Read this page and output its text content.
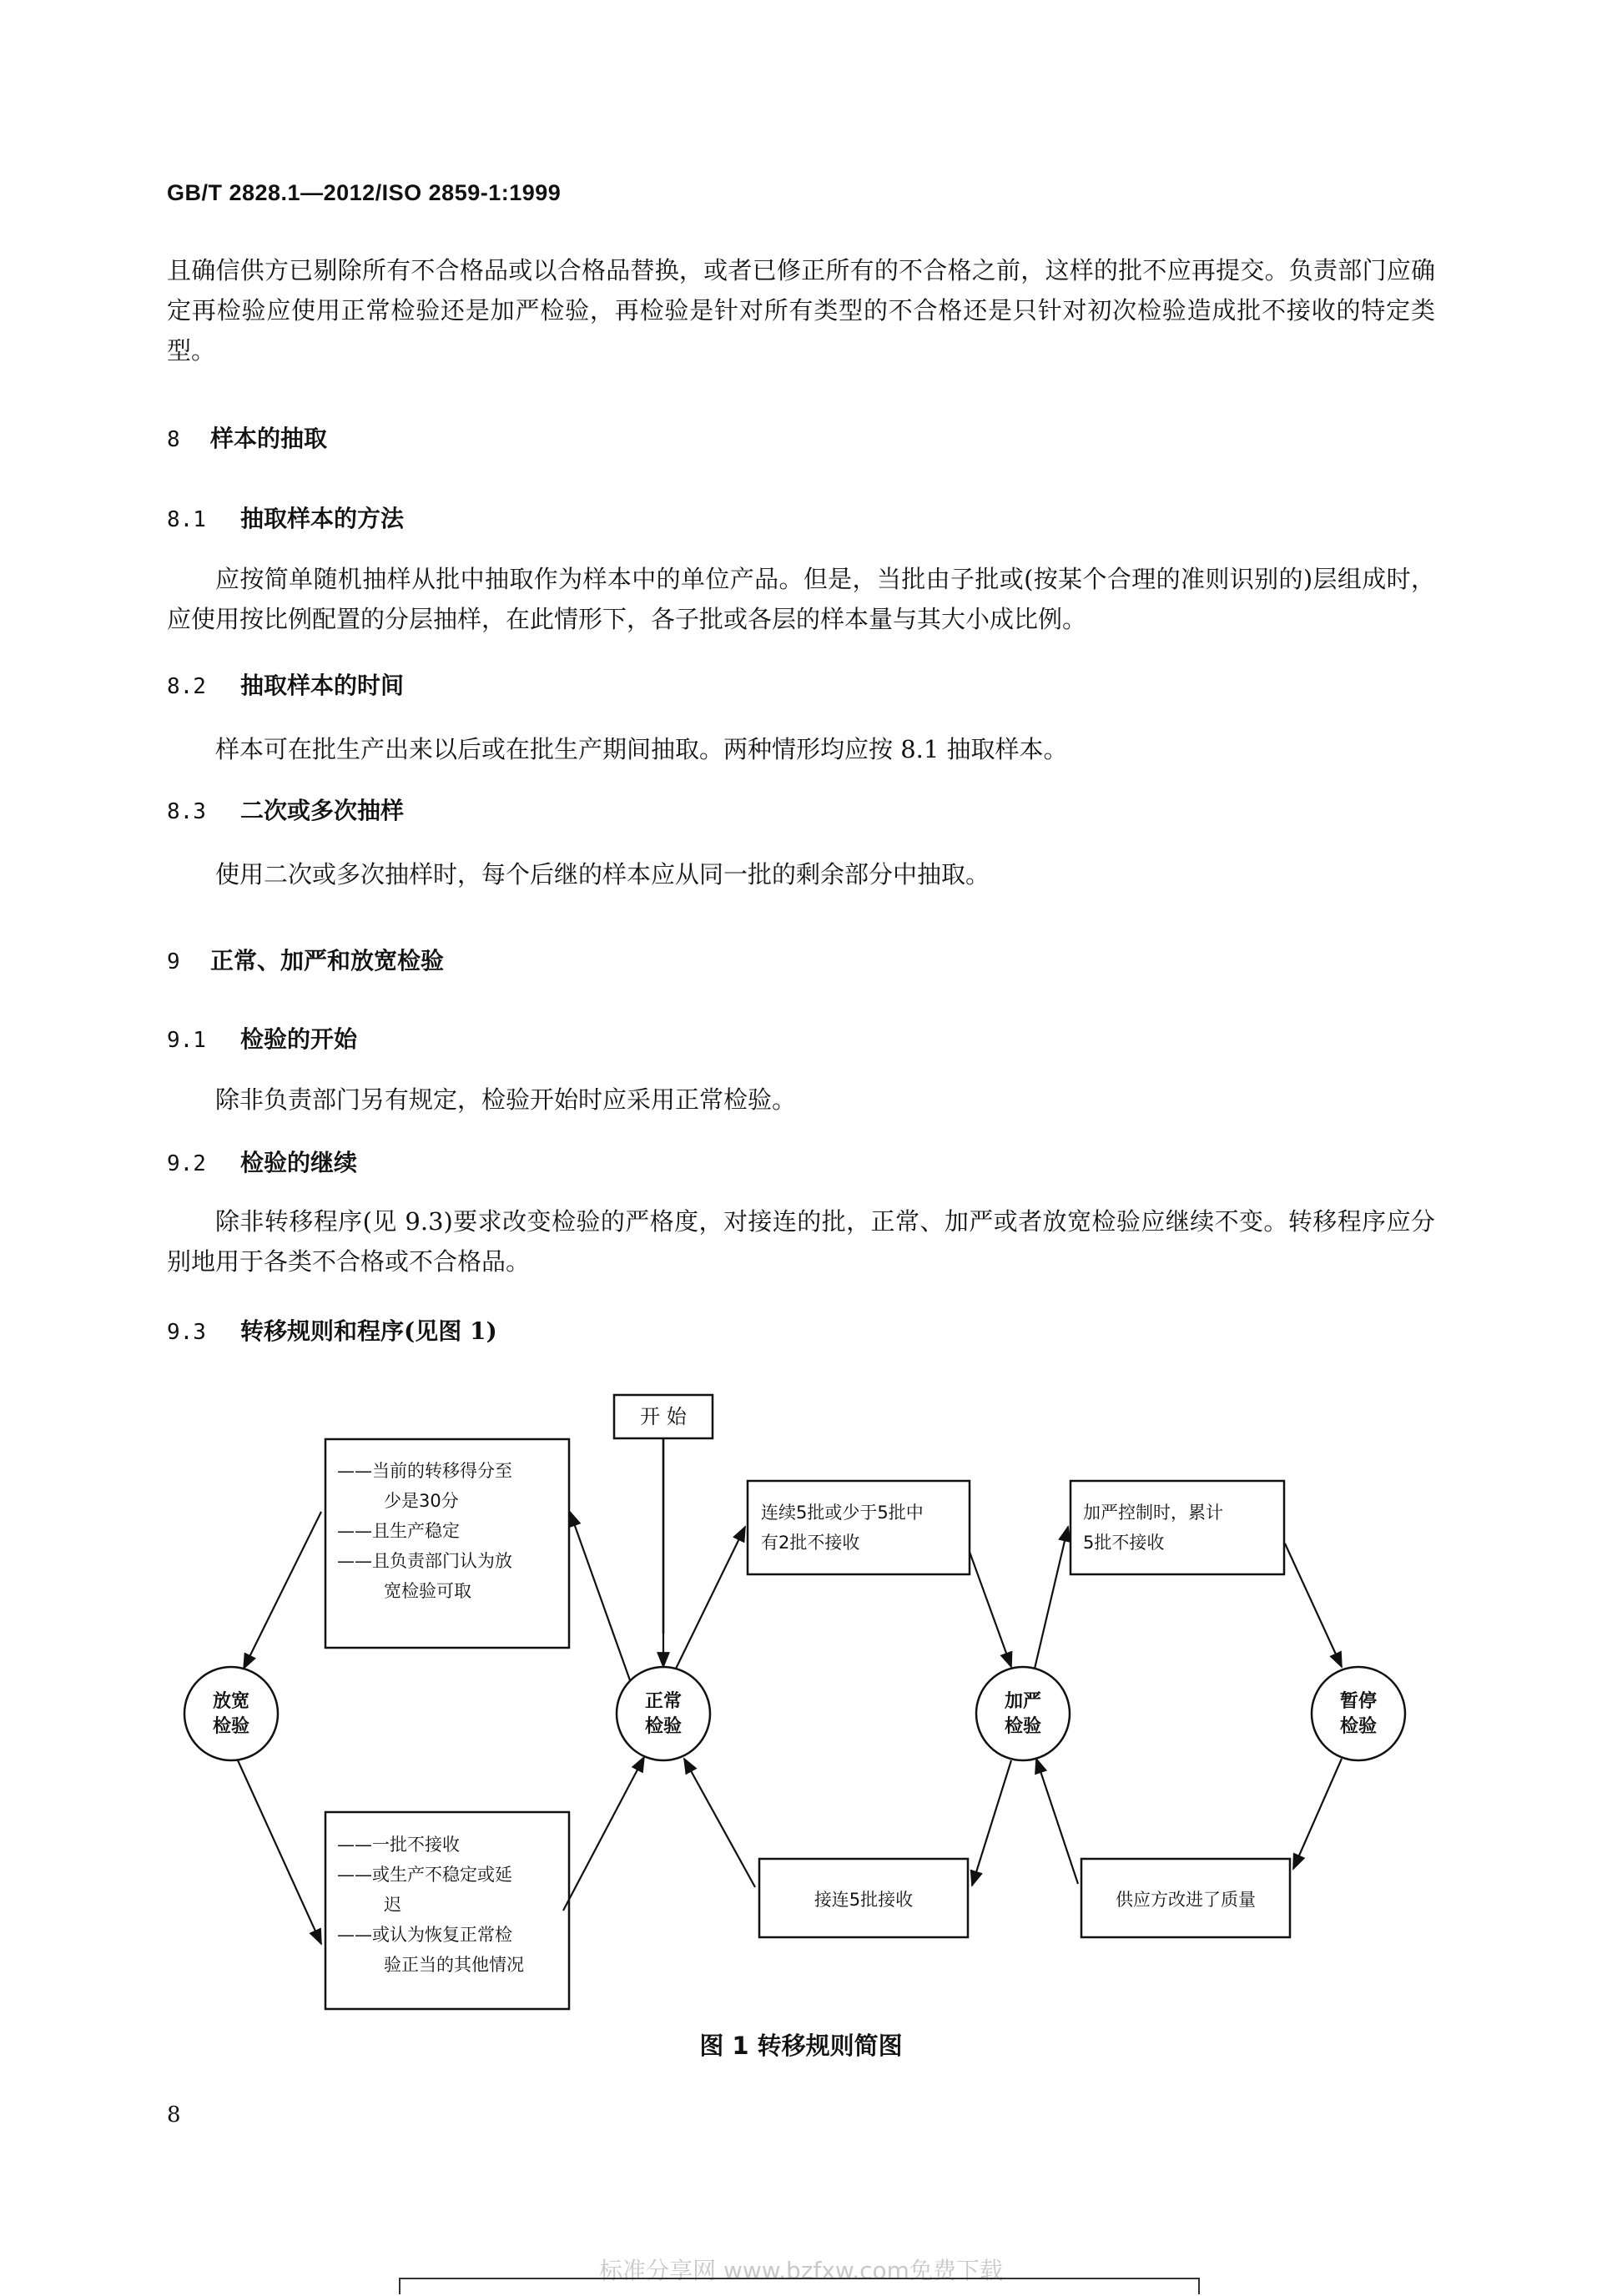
GB/T 2828.1—2012/ISO 2859-1:1999
且确信供方已剔除所有不合格品或以合格品替换，或者已修正所有的不合格之前，这样的批不应再提交。负责部门应确定再检验应使用正常检验还是加严检验，再检验是针对所有类型的不合格还是只针对初次检验造成批不接收的特定类型。
8 样本的抽取
8.1 抽取样本的方法
应按简单随机抽样从批中抽取作为样本中的单位产品。但是，当批由子批或(按某个合理的准则识别的)层组成时，应使用按比例配置的分层抽样，在此情形下，各子批或各层的样本量与其大小成比例。
8.2 抽取样本的时间
样本可在批生产出来以后或在批生产期间抽取。两种情形均应按 8.1 抽取样本。
8.3 二次或多次抽样
使用二次或多次抽样时，每个后继的样本应从同一批的剩余部分中抽取。
9 正常、加严和放宽检验
9.1 检验的开始
除非负责部门另有规定，检验开始时应采用正常检验。
9.2 检验的继续
除非转移程序(见 9.3)要求改变检验的严格度，对接连的批，正常、加严或者放宽检验应继续不变。转移程序应分别地用于各类不合格或不合格品。
9.3 转移规则和程序(见图 1)
开 始
放宽
检验
正常
检验
加严
检验
暂停
检验
——当前的转移得分至
少是30分
——且生产稳定
——且负责部门认为放
宽检验可取
——一批不接收
——或生产不稳定或延
迟
——或认为恢复正常检
验正当的其他情况
连续5批或少于5批中
有2批不接收
接连5批接收
加严控制时，累计
5批不接收
供应方改进了质量
图 1 转移规则简图
8
标准分享网 www.bzfxw.com免费下载
